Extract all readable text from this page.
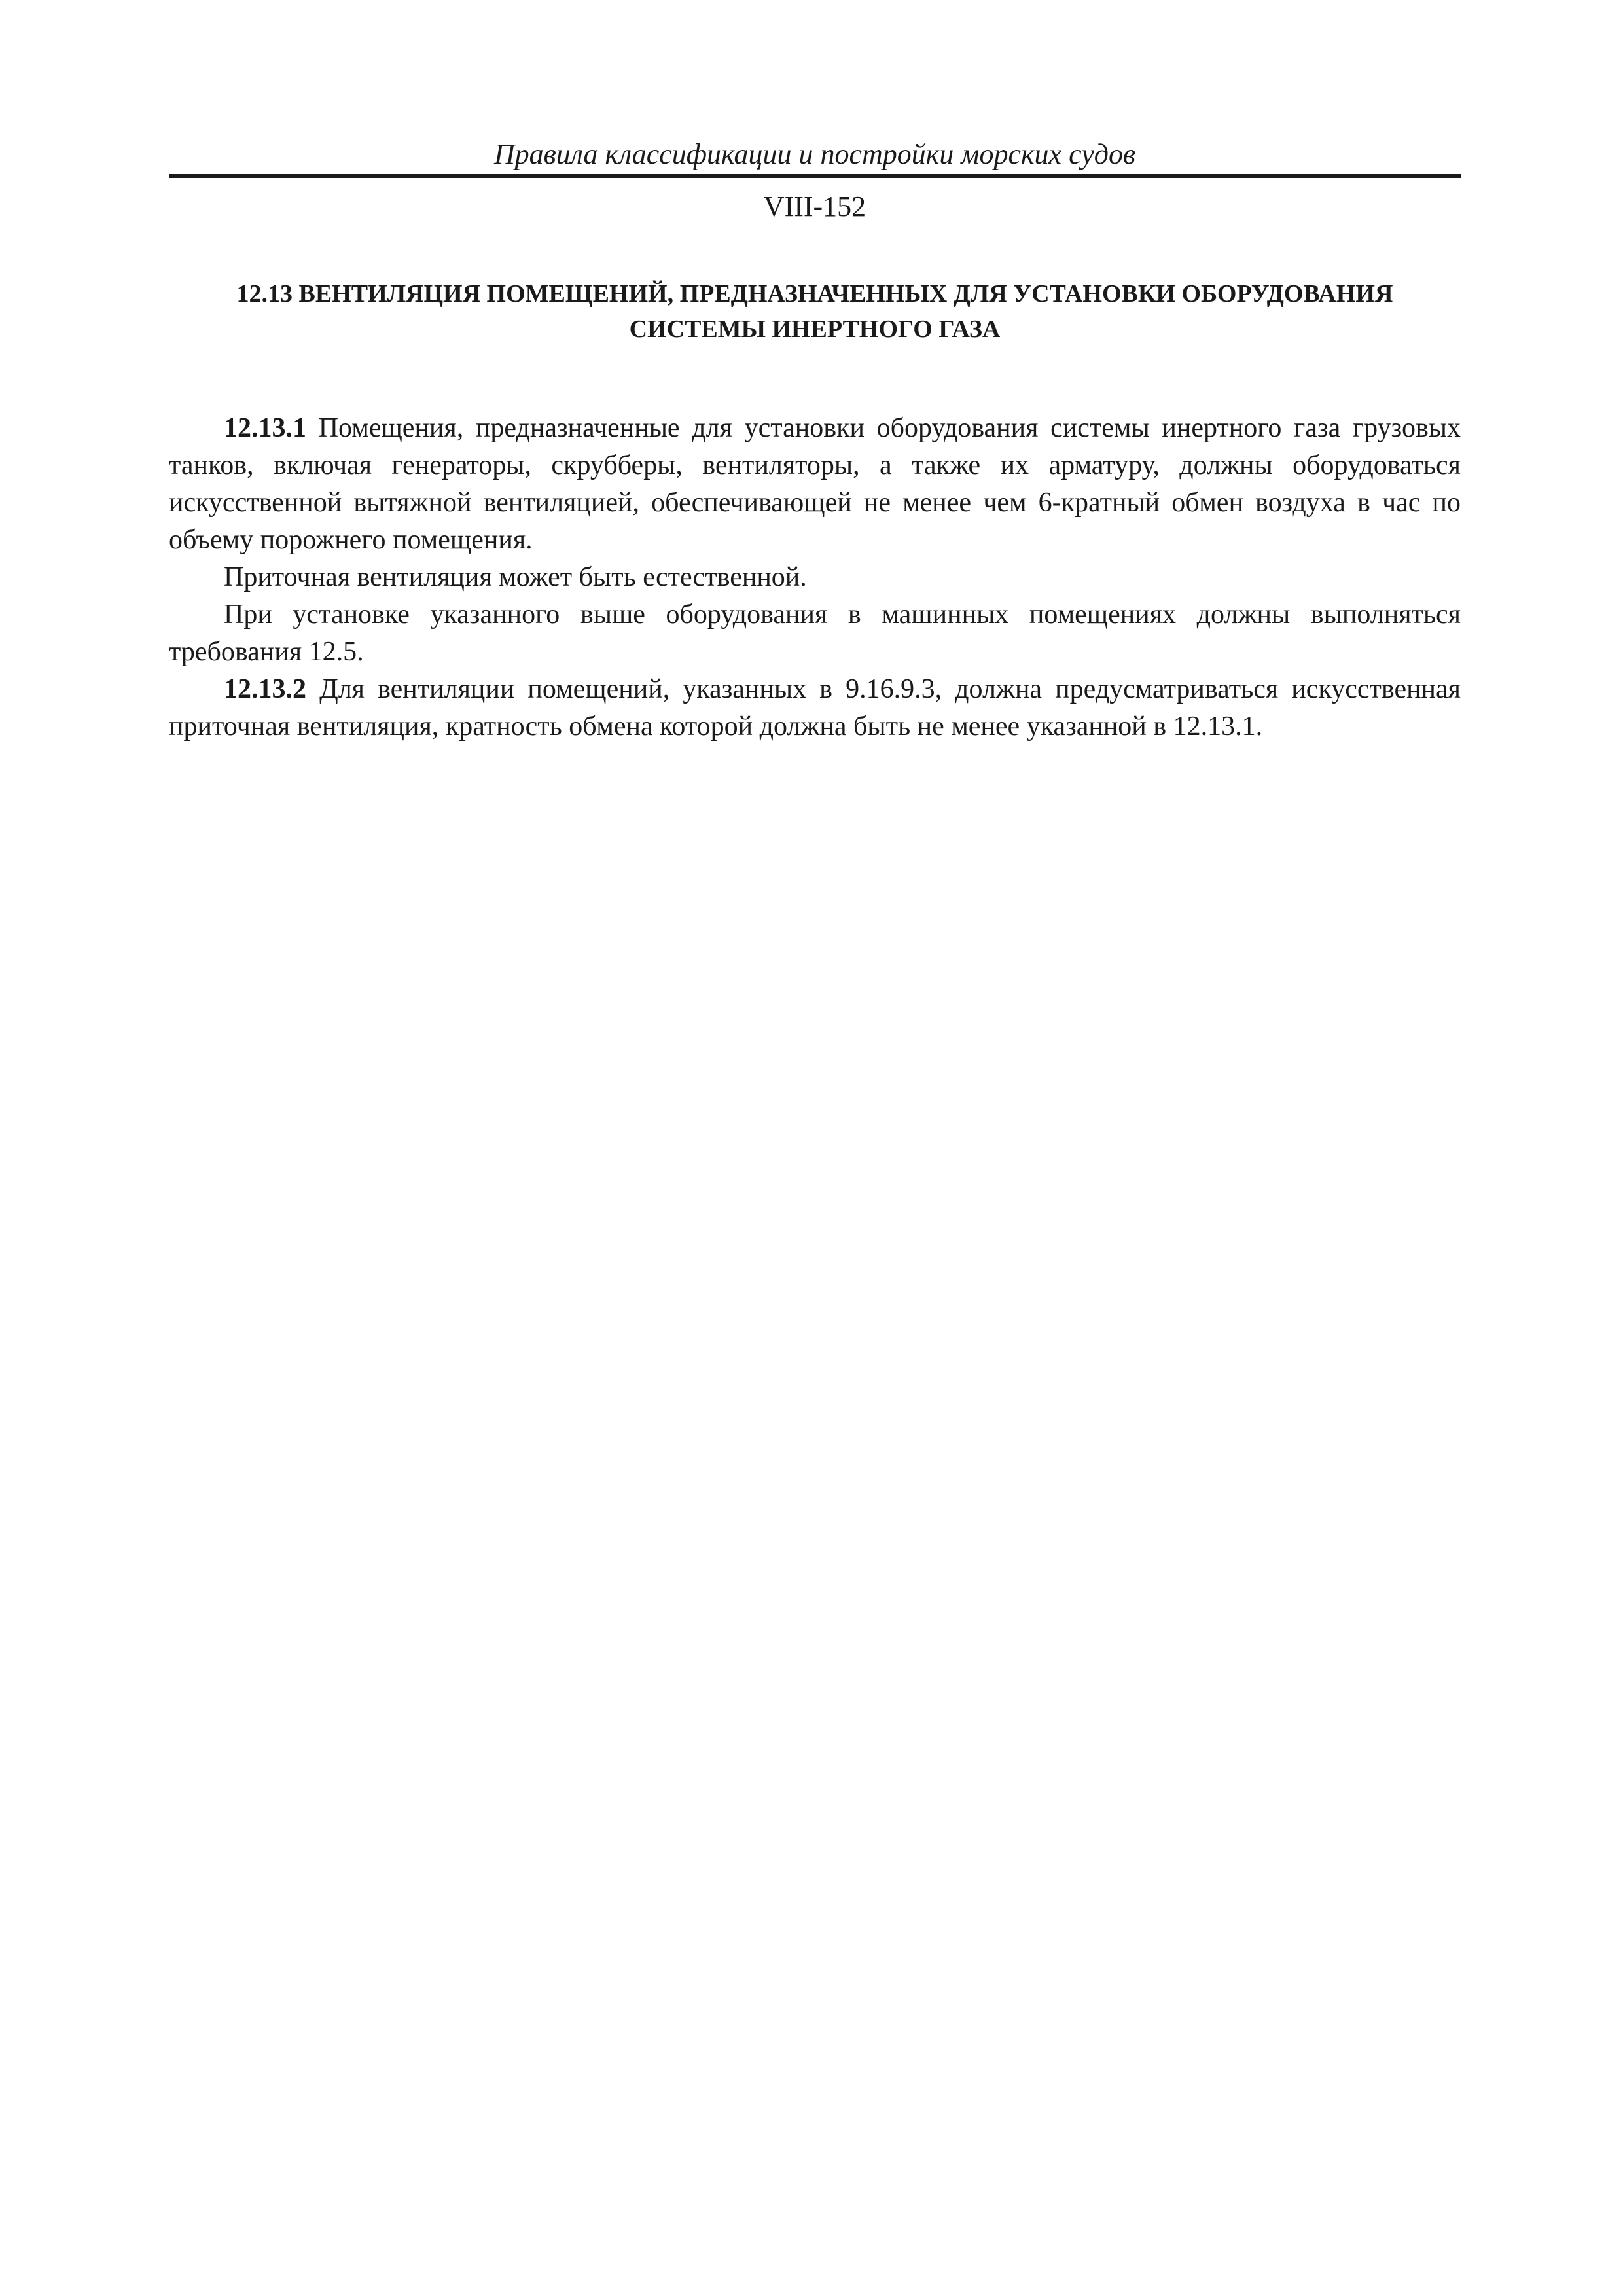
Правила классификации и постройки морских судов
VIII-152
12.13 ВЕНТИЛЯЦИЯ ПОМЕЩЕНИЙ, ПРЕДНАЗНАЧЕННЫХ ДЛЯ УСТАНОВКИ ОБОРУДОВАНИЯ
СИСТЕМЫ ИНЕРТНОГО ГАЗА

12.13.1 Помещения, предназначенные для установки оборудования системы инертного газа грузовых танков, включая генераторы, скрубберы, вентиляторы, а также их арматуру, должны оборудоваться искусственной вытяжной вентиляцией, обеспечивающей не менее чем 6-кратный обмен воздуха в час по объему порожнего помещения.

Приточная вентиляция может быть естественной.

При установке указанного выше оборудования в машинных помещениях должны выполняться требования 12.5.

12.13.2 Для вентиляции помещений, указанных в 9.16.9.3, должна предусматриваться искусственная приточная вентиляция, кратность обмена которой должна быть не менее указанной в 12.13.1.
